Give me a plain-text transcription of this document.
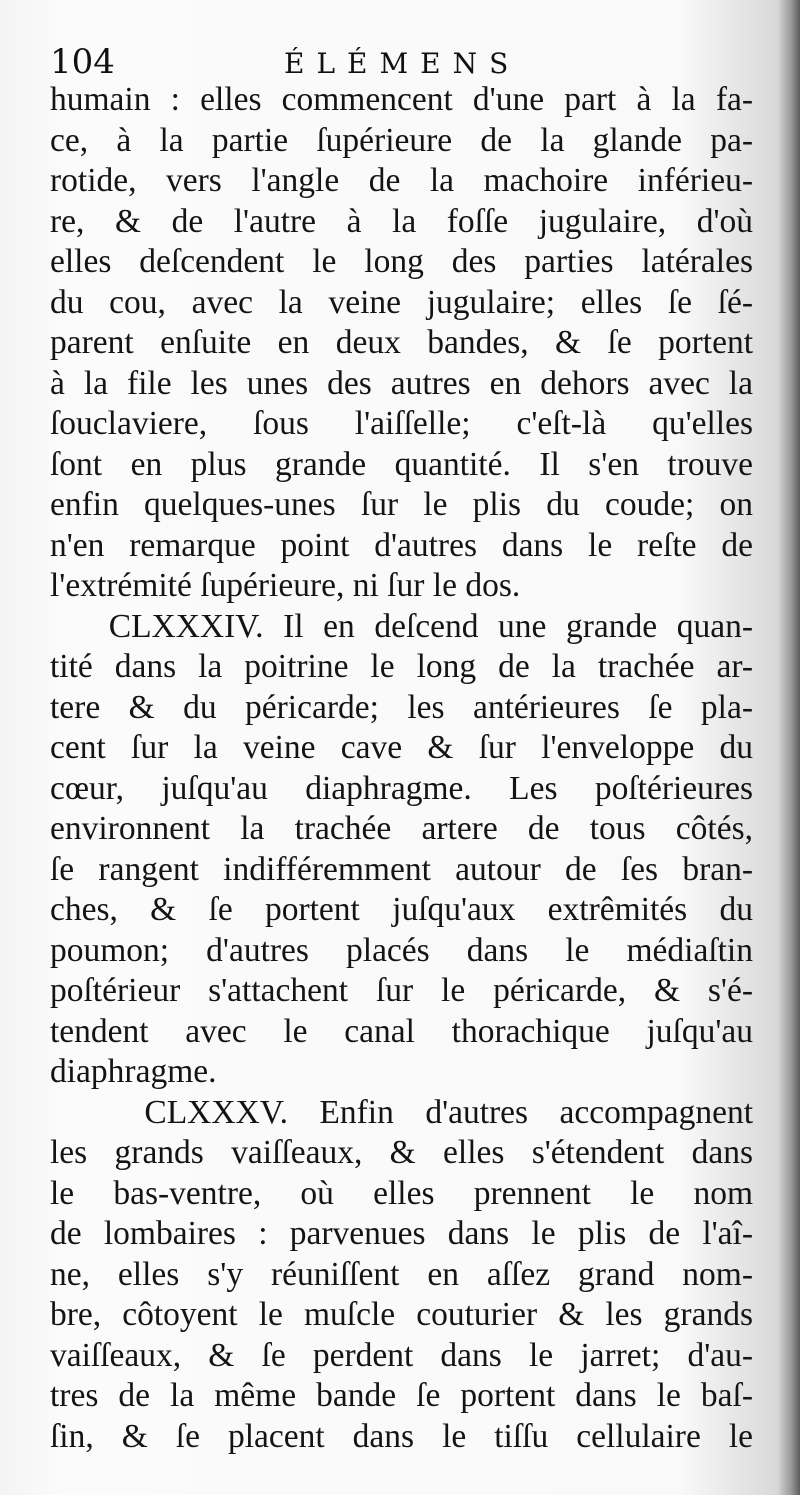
104	ÉLÉMENS
humain : elles commencent d'une part à la fa-
ce, à la partie ſupérieure de la glande pa-
rotide, vers l'angle de la machoire inférieu-
re, & de l'autre à la foſſe jugulaire, d'où
elles deſcendent le long des parties latérales
du cou, avec la veine jugulaire; elles ſe ſé-
parent enſuite en deux bandes, & ſe portent
à la file les unes des autres en dehors avec la
ſouclaviere, ſous l'aiſſelle; c'eſt-là qu'elles
ſont en plus grande quantité. Il s'en trouve
enfin quelques-unes ſur le plis du coude; on
n'en remarque point d'autres dans le reſte de
l'extrémité ſupérieure, ni ſur le dos.
CLXXXIV. Il en deſcend une grande quan-
tité dans la poitrine le long de la trachée ar-
tere & du péricarde; les antérieures ſe pla-
cent ſur la veine cave & ſur l'enveloppe du
cœur, juſqu'au diaphragme. Les poſtérieures
environnent la trachée artere de tous côtés,
ſe rangent indifféremment autour de ſes bran-
ches, & ſe portent juſqu'aux extrêmités du
poumon; d'autres placés dans le médiaſtin
poſtérieur s'attachent ſur le péricarde, & s'é-
tendent avec le canal thorachique juſqu'au
diaphragme.
CLXXXV. Enfin d'autres accompagnent
les grands vaiſſeaux, & elles s'étendent dans
le bas-ventre, où elles prennent le nom
de lombaires : parvenues dans le plis de l'aî-
ne, elles s'y réuniſſent en aſſez grand nom-
bre, côtoyent le muſcle couturier & les grands
vaiſſeaux, & ſe perdent dans le jarret; d'au-
tres de la même bande ſe portent dans le baſ-
ſin, & ſe placent dans le tiſſu cellulaire le
